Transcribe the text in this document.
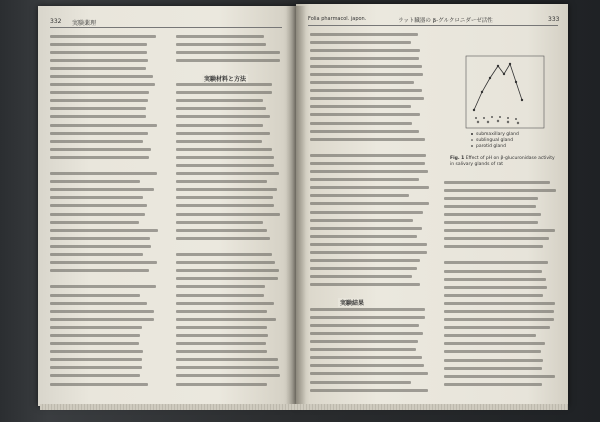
332 実験薬理
Folia pharmacol. japon.	ラット臓器の β-グルクロニダーゼ活性	333
実験材料と方法
実験結果
submaxillary gland
sublingual gland
parotid gland
Fig. 1 Effect of pH on β-glucuronidase activity in salivary glands of rat
